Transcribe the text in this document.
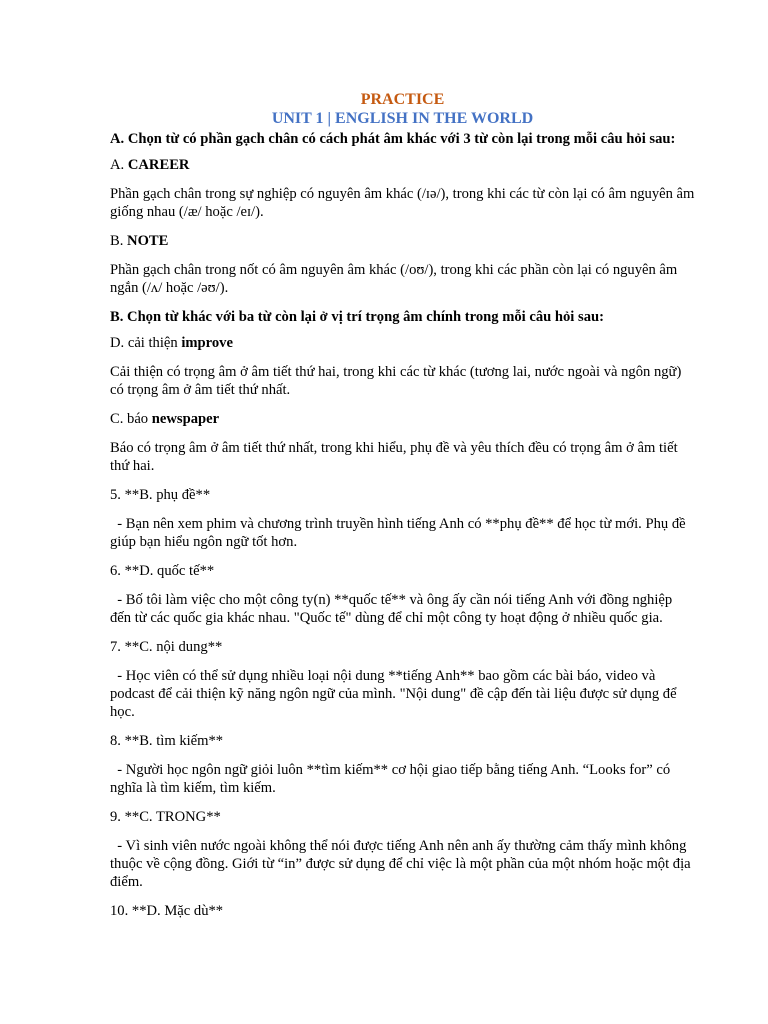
PRACTICE
UNIT 1 | ENGLISH IN THE WORLD

A. Chọn từ có phần gạch chân có cách phát âm khác với 3 từ còn lại trong mỗi câu hỏi sau:

A. CAREER

Phần gạch chân trong sự nghiệp có nguyên âm khác (/ɪə/), trong khi các từ còn lại có âm nguyên âm giống nhau (/æ/ hoặc /eɪ/).

B. NOTE

Phần gạch chân trong nốt có âm nguyên âm khác (/oʊ/), trong khi các phần còn lại có nguyên âm ngắn (/ʌ/ hoặc /əʊ/).

B. Chọn từ khác với ba từ còn lại ở vị trí trọng âm chính trong mỗi câu hỏi sau:

D. cải thiện improve

Cải thiện có trọng âm ở âm tiết thứ hai, trong khi các từ khác (tương lai, nước ngoài và ngôn ngữ) có trọng âm ở âm tiết thứ nhất.

C. báo newspaper

Báo có trọng âm ở âm tiết thứ nhất, trong khi hiểu, phụ đề và yêu thích đều có trọng âm ở âm tiết thứ hai.

5. **B. phụ đề**

- Bạn nên xem phim và chương trình truyền hình tiếng Anh có **phụ đề** để học từ mới. Phụ đề giúp bạn hiểu ngôn ngữ tốt hơn.

6. **D. quốc tế**

- Bố tôi làm việc cho một công ty(n) **quốc tế** và ông ấy cần nói tiếng Anh với đồng nghiệp đến từ các quốc gia khác nhau. "Quốc tế" dùng để chỉ một công ty hoạt động ở nhiều quốc gia.

7. **C. nội dung**

- Học viên có thể sử dụng nhiều loại nội dung **tiếng Anh** bao gồm các bài báo, video và podcast để cải thiện kỹ năng ngôn ngữ của mình. "Nội dung" đề cập đến tài liệu được sử dụng để học.

8. **B. tìm kiếm**

- Người học ngôn ngữ giỏi luôn **tìm kiếm** cơ hội giao tiếp bằng tiếng Anh. “Looks for” có nghĩa là tìm kiếm, tìm kiếm.

9. **C. TRONG**

- Vì sinh viên nước ngoài không thể nói được tiếng Anh nên anh ấy thường cảm thấy mình không thuộc về cộng đồng. Giới từ “in” được sử dụng để chỉ việc là một phần của một nhóm hoặc một địa điểm.

10. **D. Mặc dù**
